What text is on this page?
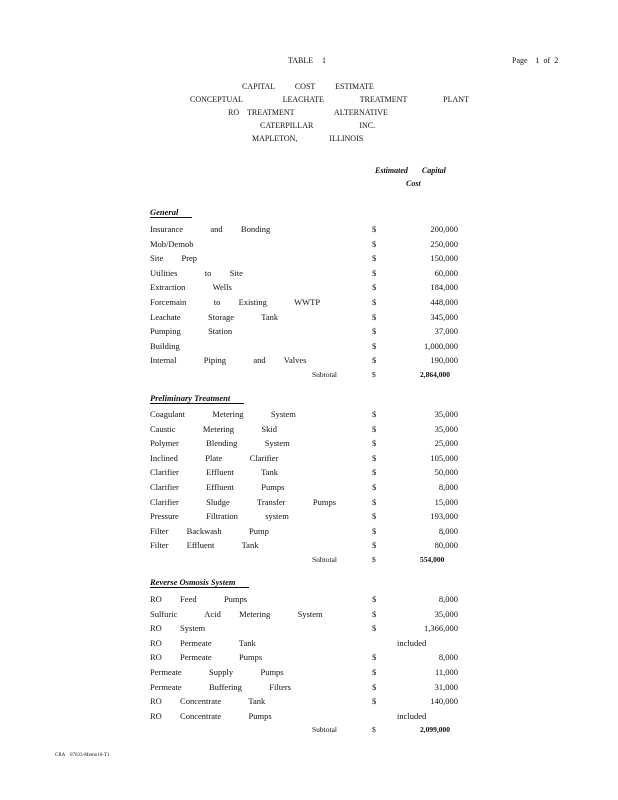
TABLE 1	Page    1  of  2
CAPITAL          COST          ESTIMATE
CONCEPTUAL                    LEACHATE                  TREATMENT                  PLANT
RO    TREATMENT                    ALTERNATIVE
CATERPILLAR                       INC.
MAPLETON,                ILLINOIS
Estimated       Capital
Cost
General
Insurance   and  Bonding	$	200,000
Mob/Demob	$	250,000
Site  Prep	$	150,000
Utilities   to  Site	$	60,000
Extraction   Wells	$	184,000
Forcemain   to  Existing   WWTP	$	448,000
Leachate   Storage   Tank	$	345,000
Pumping   Station	$	37,000
Building	$	1,000,000
Internal   Piping   and  Valves	$	190,000
Subtotal	$	2,864,000
Preliminary Treatment
Coagulant   Metering   System	$	35,000
Caustic   Metering   Skid	$	35,000
Polymer   Blending   System	$	25,000
Inclined   Plate   Clarifier	$	105,000
Clarifier   Effluent   Tank	$	50,000
Clarifier   Effluent   Pumps	$	8,000
Clarifier   Sludge   Transfer   Pumps	$	15,000
Pressure   Filtration   system	$	193,000
Filter  Backwash   Pump	$	8,000
Filter  Effluent   Tank	$	80,000
Subtotal	$	554,000
Reverse Osmosis System
RO  Feed   Pumps	$	8,000
Sulfuric   Acid  Metering   System	$	35,000
RO  System	$	1,366,000
RO  Permeate   Tank	included
RO  Permeate   Pumps	$	8,000
Permeate   Supply   Pumps	$	11,000
Permeate   Buffering   Filters	$	31,000
RO  Concentrate   Tank	$	140,000
RO  Concentrate   Pumps	included
Subtotal	$	2,099,000
CRA 07033-Memo16-T1
